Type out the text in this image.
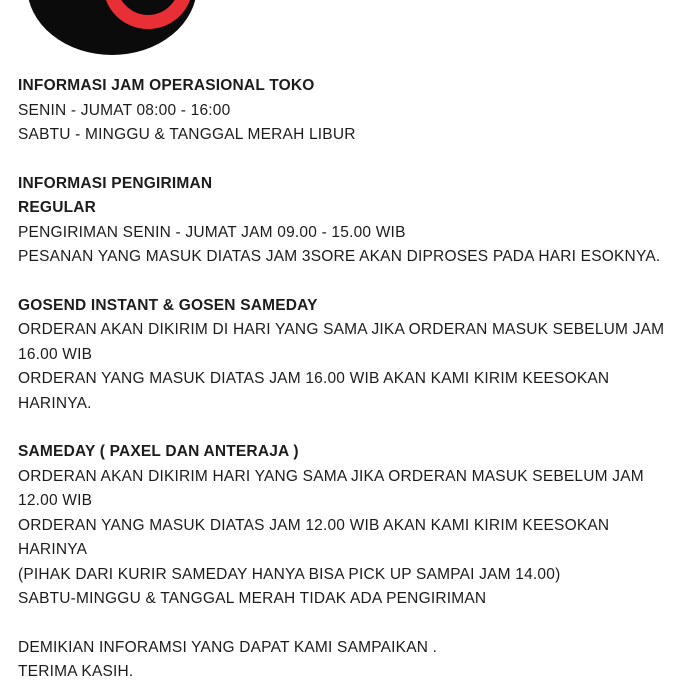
INFORMASI JAM OPERASIONAL TOKO

SENIN - JUMAT 08:00 - 16:00

SABTU - MINGGU & TANGGAL MERAH LIBUR

INFORMASI PENGIRIMAN
REGULAR

PENGIRIMAN SENIN - JUMAT JAM 09.00 - 15.00 WIB

PESANAN YANG MASUK DIATAS JAM 3SORE AKAN DIPROSES PADA HARI ESOKNYA.

GOSEND INSTANT & GOSEN SAMEDAY

ORDERAN AKAN DIKIRIM DI HARI YANG SAMA JIKA ORDERAN MASUK SEBELUM JAM 16.00 WIB

ORDERAN YANG MASUK DIATAS JAM 16.00 WIB AKAN KAMI KIRIM KEESOKAN HARINYA.

SAMEDAY ( PAXEL DAN ANTERAJA )

ORDERAN AKAN DIKIRIM HARI YANG SAMA JIKA ORDERAN MASUK SEBELUM JAM 12.00 WIB

ORDERAN YANG MASUK DIATAS JAM 12.00 WIB AKAN KAMI KIRIM KEESOKAN HARINYA

(PIHAK DARI KURIR SAMEDAY HANYA BISA PICK UP SAMPAI JAM 14.00)

SABTU-MINGGU & TANGGAL MERAH TIDAK ADA PENGIRIMAN

DEMIKIAN INFORAMSI YANG DAPAT KAMI SAMPAIKAN .

TERIMA KASIH.
